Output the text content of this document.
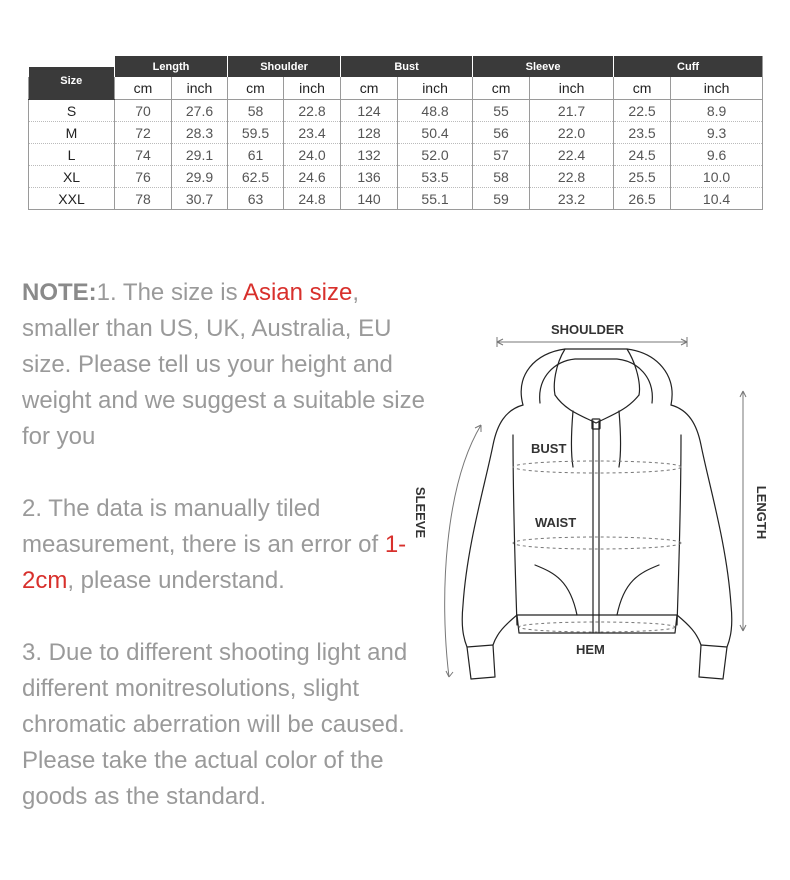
Size	Length		Shoulder		Bust		Sleeve		Cuff	
	cm	inch	cm	inch	cm	inch	cm	inch	cm	inch
S	70	27.6	58	22.8	124	48.8	55	21.7	22.5	8.9
M	72	28.3	59.5	23.4	128	50.4	56	22.0	23.5	9.3
L	74	29.1	61	24.0	132	52.0	57	22.4	24.5	9.6
XL	76	29.9	62.5	24.6	136	53.5	58	22.8	25.5	10.0
XXL	78	30.7	63	24.8	140	55.1	59	23.2	26.5	10.4

NOTE:1. The size is Asian size, smaller than US, UK, Australia, EU size. Please tell us your height and weight and we suggest a suitable size for you

2. The data is manually tiled measurement, there is an error of 1-2cm, please understand.

3. Due to different shooting light and different monitresolutions, slight chromatic aberration will be caused. Please take the actual color of the goods as the standard.

SHOULDER
BUST
WAIST
HEM
SLEEVE	LENGTH
